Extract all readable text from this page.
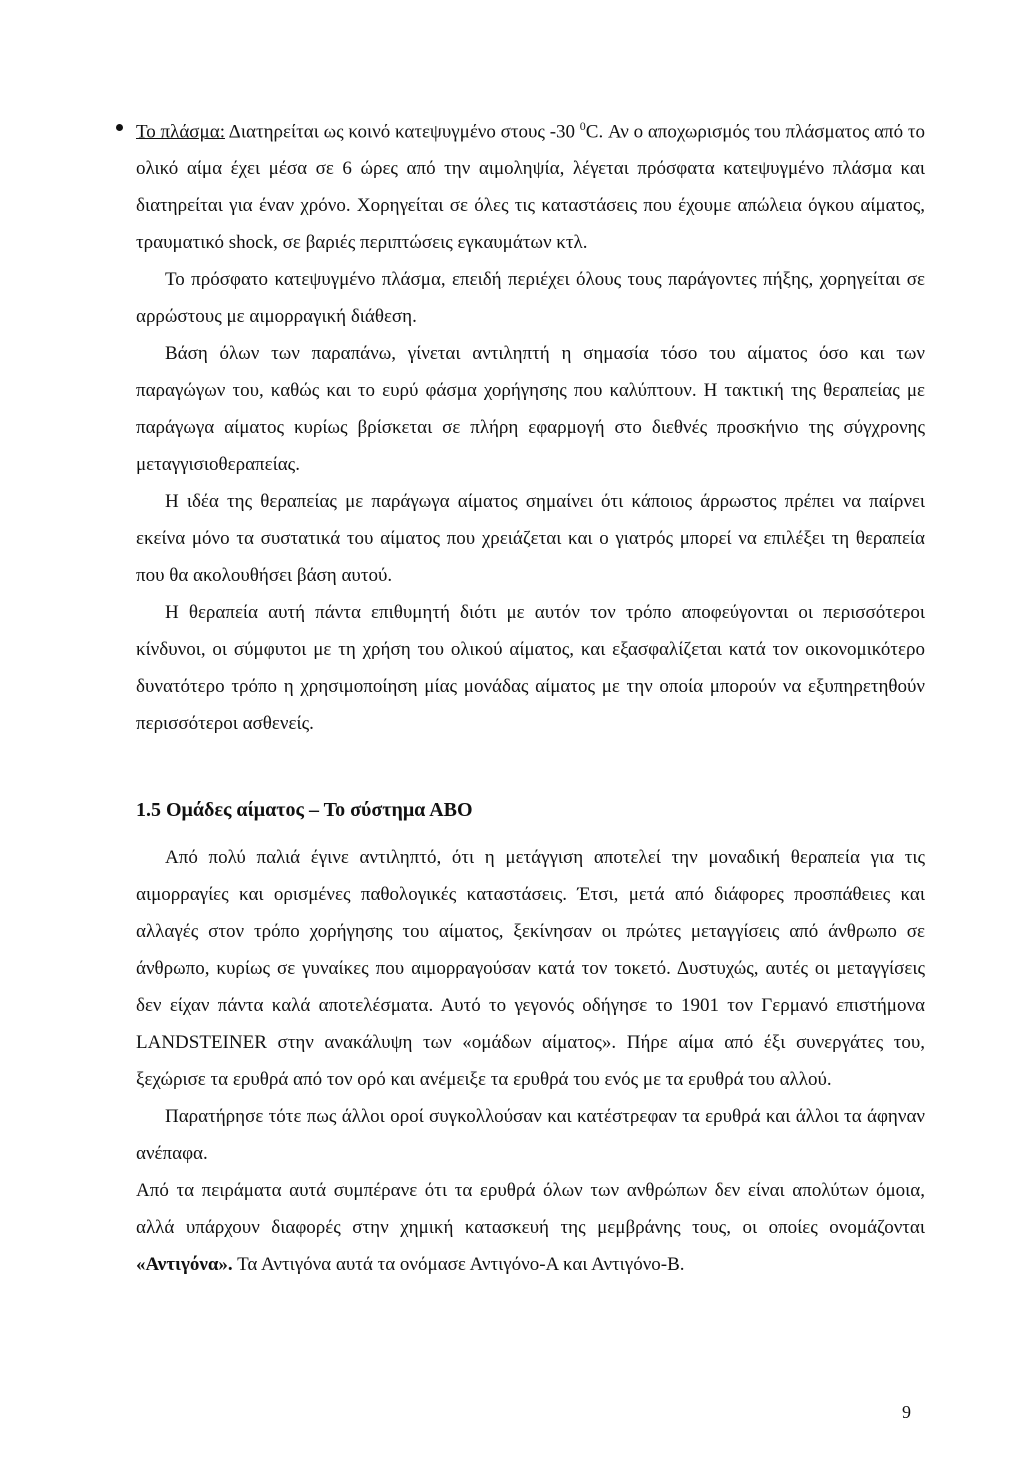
Το πλάσμα: Διατηρείται ως κοινό κατεψυγμένο στους -30 $^0$C. Αν ο αποχωρισμός του πλάσματος από το ολικό αίμα έχει μέσα σε 6 ώρες από την αιμοληψία, λέγεται πρόσφατα κατεψυγμένο πλάσμα και διατηρείται για έναν χρόνο. Χορηγείται σε όλες τις καταστάσεις που έχουμε απώλεια όγκου αίματος, τραυματικό shock, σε βαριές περιπτώσεις εγκαυμάτων κτλ.

Το πρόσφατο κατεψυγμένο πλάσμα, επειδή περιέχει όλους τους παράγοντες πήξης, χορηγείται σε αρρώστους με αιμορραγική διάθεση.

Βάση όλων των παραπάνω, γίνεται αντιληπτή η σημασία τόσο του αίματος όσο και των παραγώγων του, καθώς και το ευρύ φάσμα χορήγησης που καλύπτουν. Η τακτική της θεραπείας με παράγωγα αίματος κυρίως βρίσκεται σε πλήρη εφαρμογή στο διεθνές προσκήνιο της σύγχρονης μεταγγισιοθεραπείας.

Η ιδέα της θεραπείας με παράγωγα αίματος σημαίνει ότι κάποιος άρρωστος πρέπει να παίρνει εκείνα μόνο τα συστατικά του αίματος που χρειάζεται και ο γιατρός μπορεί να επιλέξει τη θεραπεία που θα ακολουθήσει βάση αυτού.

Η θεραπεία αυτή πάντα επιθυμητή διότι με αυτόν τον τρόπο αποφεύγονται οι περισσότεροι κίνδυνοι, οι σύμφυτοι με τη χρήση του ολικού αίματος, και εξασφαλίζεται κατά τον οικονομικότερο δυνατότερο τρόπο η χρησιμοποίηση μίας μονάδας αίματος με την οποία μπορούν να εξυπηρετηθούν περισσότεροι ασθενείς.

1.5 Ομάδες αίματος – Το σύστημα ΑΒΟ

Από πολύ παλιά έγινε αντιληπτό, ότι η μετάγγιση αποτελεί την μοναδική θεραπεία για τις αιμορραγίες και ορισμένες παθολογικές καταστάσεις. Έτσι, μετά από διάφορες προσπάθειες και αλλαγές στον τρόπο χορήγησης του αίματος, ξεκίνησαν οι πρώτες μεταγγίσεις από άνθρωπο σε άνθρωπο, κυρίως σε γυναίκες που αιμορραγούσαν κατά τον τοκετό. Δυστυχώς, αυτές οι μεταγγίσεις δεν είχαν πάντα καλά αποτελέσματα. Αυτό το γεγονός οδήγησε το 1901 τον Γερμανό επιστήμονα LANDSTEINER στην ανακάλυψη των «ομάδων αίματος». Πήρε αίμα από έξι συνεργάτες του, ξεχώρισε τα ερυθρά από τον ορό και ανέμειξε τα ερυθρά του ενός με τα ερυθρά του αλλού.

Παρατήρησε τότε πως άλλοι οροί συγκολλούσαν και κατέστρεφαν τα ερυθρά και άλλοι τα άφηναν ανέπαφα.

Από τα πειράματα αυτά συμπέρανε ότι τα ερυθρά όλων των ανθρώπων δεν είναι απολύτων όμοια, αλλά υπάρχουν διαφορές στην χημική κατασκευή της μεμβράνης τους, οι οποίες ονομάζονται «Αντιγόνα». Τα Αντιγόνα αυτά τα ονόμασε Αντιγόνο-Α και Αντιγόνο-Β.

9
